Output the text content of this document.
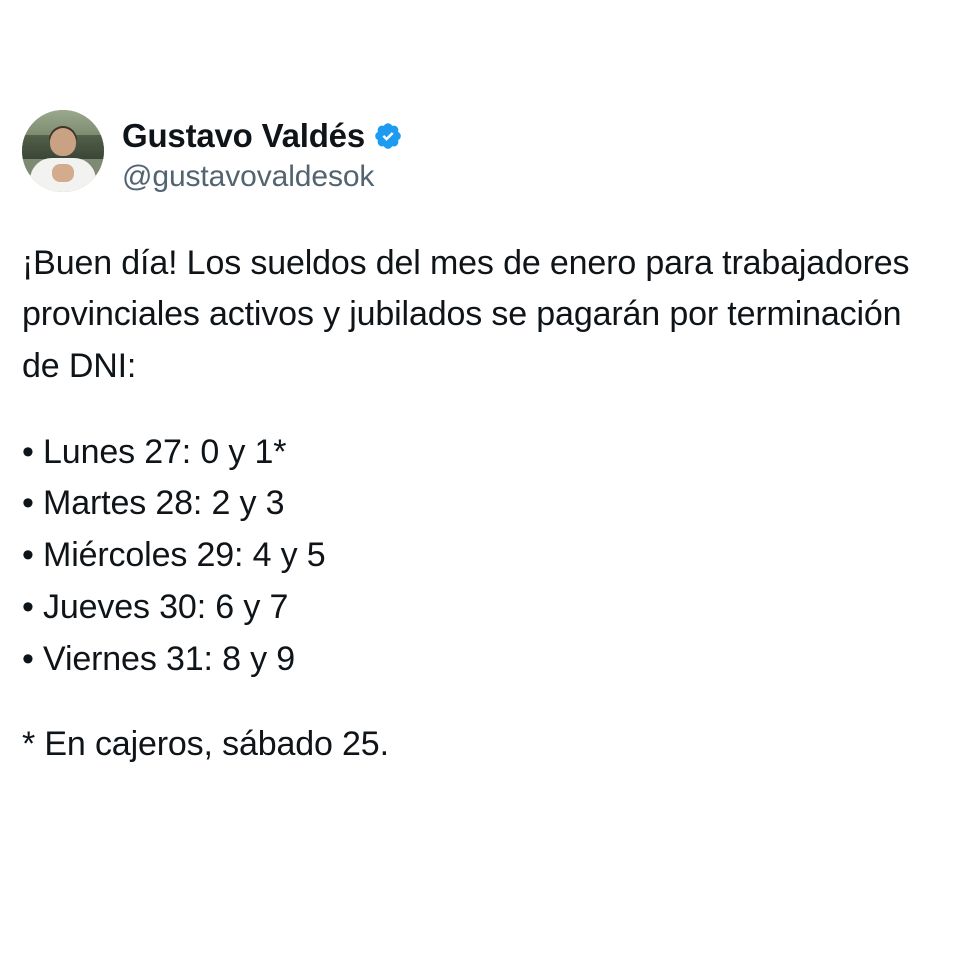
Gustavo Valdés
@gustavovaldesok

¡Buen día! Los sueldos del mes de enero para trabajadores provinciales activos y jubilados se pagarán por terminación de DNI:

• Lunes 27: 0 y 1*

• Martes 28: 2 y 3

• Miércoles 29: 4 y 5

• Jueves 30: 6 y 7

• Viernes 31: 8 y 9

* En cajeros, sábado 25.
